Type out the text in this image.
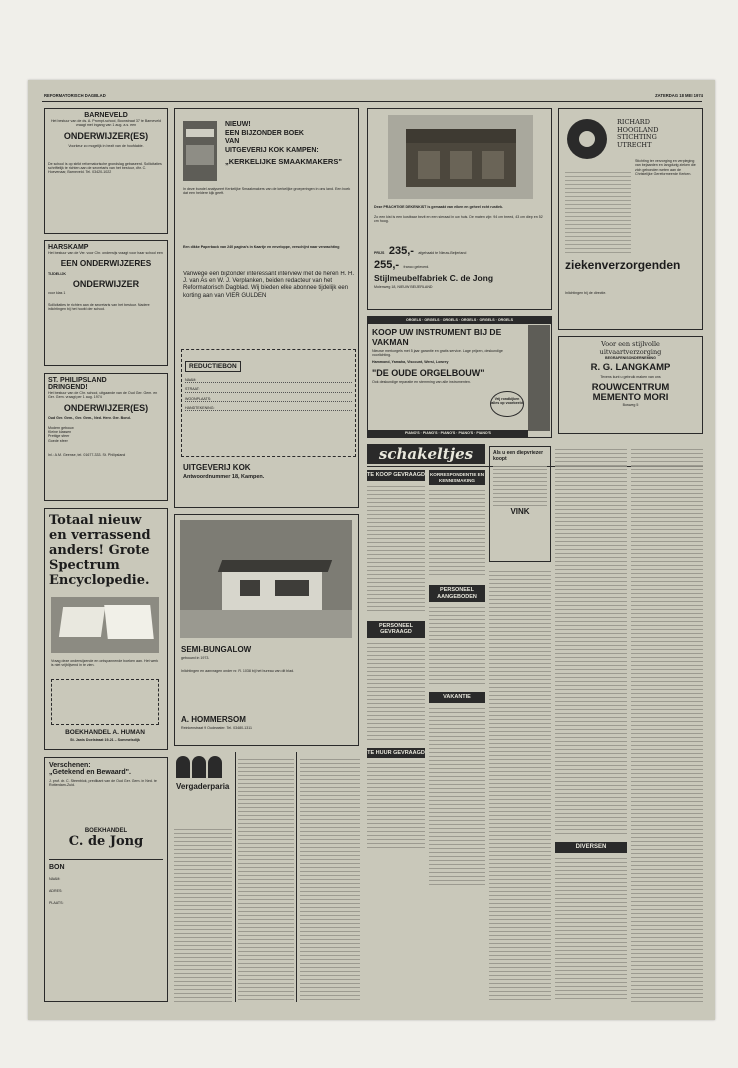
REFORMATORISCH DAGBLAD	ZATERDAG 18 MEI 1974
BARNEVELD
Het bestuur van de ds. A. Prompt-school, Boonstraat 37 te Barneveld vraagt met ingang van 1 aug. a.s. een
ONDERWIJZER(ES)
Voorkeur zo mogelijk in bezit van de hoofdakte.
De school is op strikt reformatorische grondslag gebaseerd. Sollicitaties schriftelijk te richten aan de secretaris van het bestuur, dhr. C. Hoevenaar, Barneveld. Tel. 03420-1022
HARSKAMP
Het bestuur van de Ver. voor Chr. onderwijs vraagt voor haar school een
EEN ONDERWIJZERES
TIJDELIJK
ONDERWIJZER
voor klas 1
Sollicitaties te richten aan de secretaris van het bestuur. Nadere inlichtingen bij het hoofd der school.
ST. PHILIPSLAND
DRINGEND!
Het bestuur van de Chr. school, uitgaande van de Oud Ger. Gem. en Ger. Gem. vraagt per 1 aug. 1974
ONDERWIJZER(ES)
Oud Ger. Gem., Ger. Gem., Ned. Herv. Ger. Bond.
Modern gebouw
Kleine klassen
Prettige sfeer
Goede sfeer
Inl.: A.M. Geense, tel. 01677-333. St. Philipsland
Totaal nieuw en verrassend anders! Grote Spectrum Encyclopedie.
Vraag deze onderwijzende en ontspannende boeken aan. Het werk is niet vrijblijvend in te zien.
BOEKHANDEL A. HUMAN
St. Janis Doelstraat 19-21 – Sommelsdijk
Verschenen:
„Getekend en Bewaard".
J. prof. dr. C. Steenblok, predikant van de Oud Ger. Gem. in Ned. te Rotterdam-Zuid.
BOEKHANDEL
C. de Jong
BON
NAAM:
ADRES:
PLAATS:
NIEUW!
EEN BIJZONDER BOEK
VAN
UITGEVERIJ KOK KAMPEN:
„KERKELIJKE SMAAKMAKERS"
In deze bundel analyseert Kerkelijke Smaakmakers van de kerkelijke groeperingen in ons land. Een boek dat een heldere kijk geeft.
Een dikke Paperback van 240 pagina's in Kaartje en enveloppe, verschijnt naar verwachting
Vanwege een bijzonder interessant interview met de heren H. H. J. van As en W. J. Verplanken, beiden redacteur van het Reformatorisch Dagblad. Wij bieden elke abonnee tijdelijk een korting aan van VIER GULDEN
REDUCTIEBON
NAAM:
STRAAT:
WOONPLAATS:
HANDTEKENING:
UITGEVERIJ KOK
Antwoordnummer 18, Kampen.
SEMI-BUNGALOW
gebouwd in 1973.
Inlichtingen en aanvragen onder nr. R. 1038 bij het bureau van dit blad.
A. HOMMERSOM
Reinkenstraat 9 Oudewater. Tel. 03480-1311
Vergaderparia
Deze PRACHTIGE DEKENKIST is gemaakt van eiken en geheel echt rustiek.
Zo een kist is een kostbaar bezit en een sieraad in uw huis. De maten zijn: 94 cm breed, 43 cm diep en 52 cm hoog.
PRIJS 235,- afgehaald te Nieuw-Beijerland
255,- franco geleverd.
Stijlmeubelfabriek C. de Jong
Molenweg 18, NIEUW BEIJERLAND
ORGELS · ORGELS · ORGELS · ORGELS · ORGELS · ORGELS
KOOP UW INSTRUMENT BIJ DE VAKMAN
Nieuwe merkorgels met 5 jaar garantie en gratis service. Lage prijzen, deskundige voorlichting.
Hammond, Yamaha, Viscount, Wersi, Lowrey
"DE OUDE ORGELBOUW"
Ook deskundige reparatie en stemming van alle instrumenten.
Vrij rondkijken alles op voorbeeld
PIANO'S · PIANO'S · PIANO'S · PIANO'S · PIANO'S
RICHARD
HOOGLAND
STICHTING
UTRECHT
Stichting ter verzorging en verpleging van bejaarden en langdurig zieken die zich gebonden weten aan de Christelijke Gereformeerde Kerken.
ziekenverzorgenden
Inlichtingen bij de directie.
Voor een stijlvolle
uitvaartverzorging
BEGRAFENISONDERNEMING
R. G. LANGKAMP
Tevens kunt u gebruik maken van ons
ROUWCENTRUM
MEMENTO MORI
Bosweg 5
schakeltjes
TE KOOP GEVRAAGD
PERSONEEL GEVRAAGD
TE HUUR GEVRAAGD
KORRESPONDENTIE EN KENNISMAKING
PERSONEEL AANGEBODEN
VAKANTIE
Als u een diepvriezer koopt
VINK
DIVERSEN
